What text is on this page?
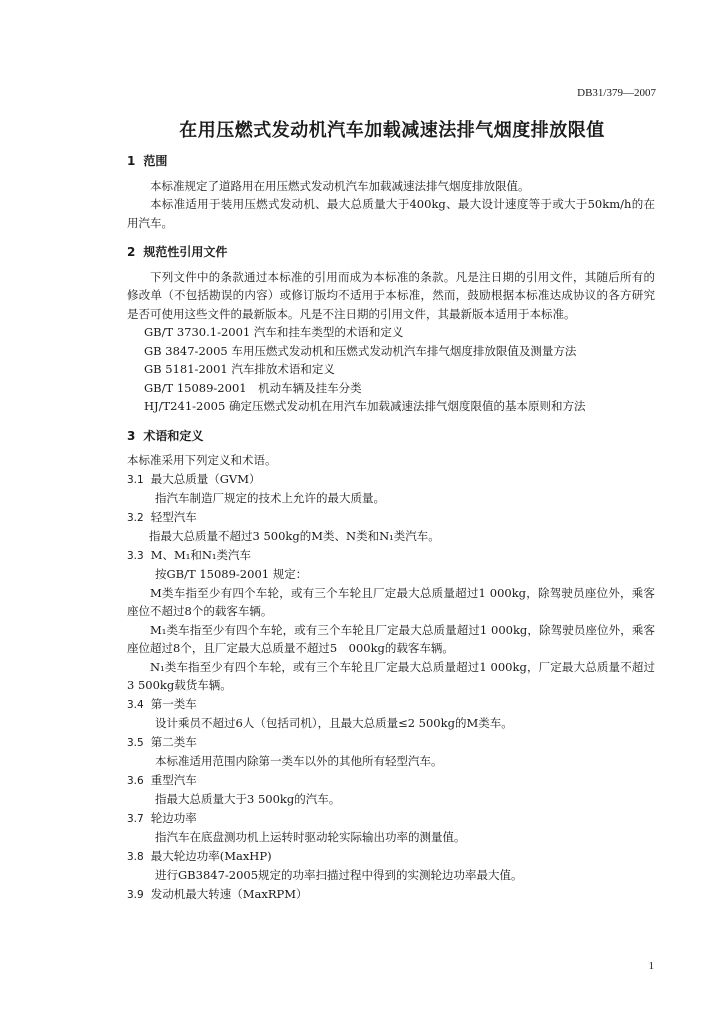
DB31/379—2007
在用压燃式发动机汽车加载减速法排气烟度排放限值

1 范围

本标准规定了道路用在用压燃式发动机汽车加载减速法排气烟度排放限值。

本标准适用于装用压燃式发动机、最大总质量大于400kg、最大设计速度等于或大于50km/h的在用汽车。

2 规范性引用文件

下列文件中的条款通过本标准的引用而成为本标准的条款。凡是注日期的引用文件，其随后所有的修改单（不包括勘误的内容）或修订版均不适用于本标准，然而，鼓励根据本标准达成协议的各方研究是否可使用这些文件的最新版本。凡是不注日期的引用文件，其最新版本适用于本标准。

GB/T 3730.1-2001 汽车和挂车类型的术语和定义

GB 3847-2005 车用压燃式发动机和压燃式发动机汽车排气烟度排放限值及测量方法

GB 5181-2001 汽车排放术语和定义

GB/T 15089-2001　机动车辆及挂车分类

HJ/T241-2005 确定压燃式发动机在用汽车加载减速法排气烟度限值的基本原则和方法

3 术语和定义

本标准采用下列定义和术语。

3.1 最大总质量（GVM）

指汽车制造厂规定的技术上允许的最大质量。

3.2 轻型汽车

指最大总质量不超过3 500kg的M类、N类和N₁类汽车。

3.3 M、M₁和N₁类汽车

按GB/T 15089-2001 规定：

M类车指至少有四个车轮，或有三个车轮且厂定最大总质量超过1 000kg，除驾驶员座位外，乘客座位不超过8个的载客车辆。

M₁类车指至少有四个车轮，或有三个车轮且厂定最大总质量超过1 000kg，除驾驶员座位外，乘客座位超过8个，且厂定最大总质量不超过5　000kg的载客车辆。

N₁类车指至少有四个车轮，或有三个车轮且厂定最大总质量超过1 000kg，厂定最大总质量不超过3 500kg载货车辆。

3.4 第一类车

设计乘员不超过6人（包括司机），且最大总质量≤2 500kg的M类车。

3.5 第二类车

本标准适用范围内除第一类车以外的其他所有轻型汽车。

3.6 重型汽车

指最大总质量大于3 500kg的汽车。

3.7 轮边功率

指汽车在底盘测功机上运转时驱动轮实际输出功率的测量值。

3.8 最大轮边功率(MaxHP)

进行GB3847-2005规定的功率扫描过程中得到的实测轮边功率最大值。

3.9 发动机最大转速（MaxRPM）

1
